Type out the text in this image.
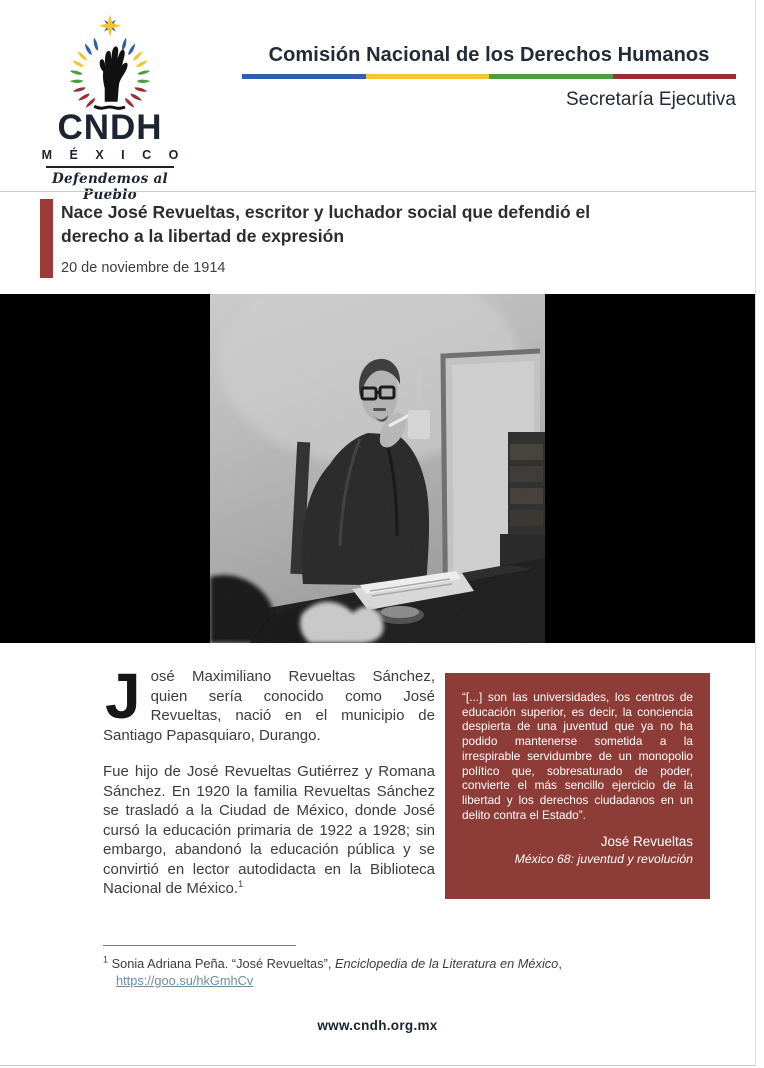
CNDH
M É X I C O
Defendemos al Pueblo
Comisión Nacional de los Derechos Humanos
Secretaría Ejecutiva
Nace José Revueltas, escritor y luchador social que defendió el
derecho a la libertad de expresión
20 de noviembre de 1914

José Maximiliano Revueltas Sánchez, quien sería conocido como José Revueltas, nació en el municipio de Santiago Papasquiaro, Durango.

Fue hijo de José Revueltas Gutiérrez y Romana Sánchez. En 1920 la familia Revueltas Sánchez se trasladó a la Ciudad de México, donde José cursó la educación primaria de 1922 a 1928; sin embargo, abandonó la educación pública y se convirtió en lector autodidacta en la Biblioteca Nacional de México.$^1$

“[...] son las universidades, los centros de educación superior, es decir, la conciencia despierta de una juventud que ya no ha podido mantenerse sometida a la irrespirable servidumbre de un monopolio político que, sobresaturado de poder, convierte el más sencillo ejercicio de la libertad y los derechos ciudadanos en un delito contra el Estado”.
José Revueltas
México 68: juventud y revolución
$^1$ Sonia Adriana Peña. “José Revueltas”, Enciclopedia de la Literatura en México,
https://goo.su/hkGmhCv
www.cndh.org.mx
